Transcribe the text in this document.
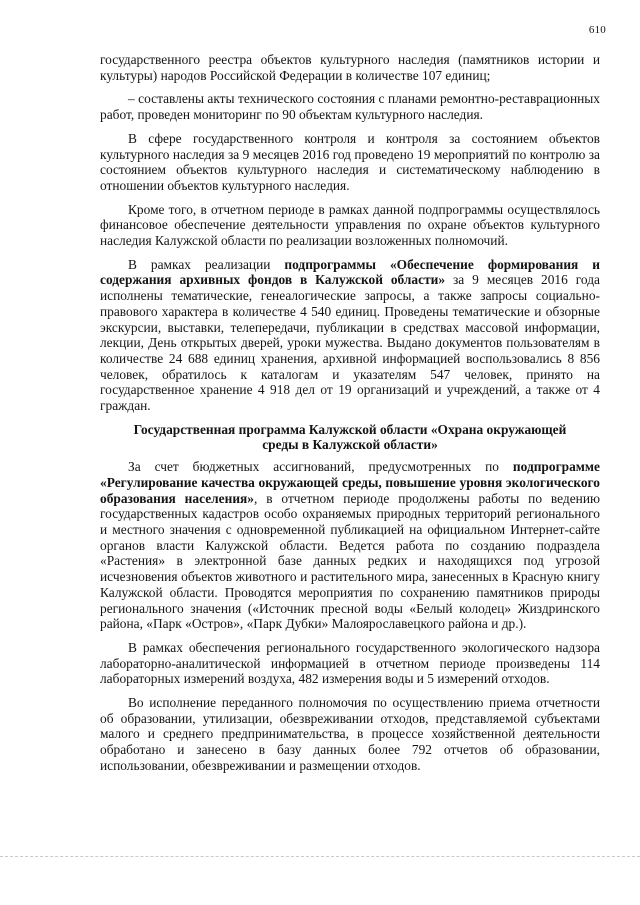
610

государственного реестра объектов культурного наследия (памятников истории и культуры) народов Российской Федерации в количестве 107 единиц;

– составлены акты технического состояния с планами ремонтно-реставрационных работ, проведен мониторинг по 90 объектам культурного наследия.

В сфере государственного контроля и контроля за состоянием объектов культурного наследия за 9 месяцев 2016 год проведено 19 мероприятий по контролю за состоянием объектов культурного наследия и систематическому наблюдению в отношении объектов культурного наследия.

Кроме того, в отчетном периоде в рамках данной подпрограммы осуществлялось финансовое обеспечение деятельности управления по охране объектов культурного наследия Калужской области по реализации возложенных полномочий.

В рамках реализации подпрограммы «Обеспечение формирования и содержания архивных фондов в Калужской области» за 9 месяцев 2016 года исполнены тематические, генеалогические запросы, а также запросы социально-правового характера в количестве 4 540 единиц. Проведены тематические и обзорные экскурсии, выставки, телепередачи, публикации в средствах массовой информации, лекции, День открытых дверей, уроки мужества. Выдано документов пользователям в количестве 24 688 единиц хранения, архивной информацией воспользовались 8 856 человек, обратилось к каталогам и указателям 547 человек, принято на государственное хранение 4 918 дел от 19 организаций и учреждений, а также от 4 граждан.

Государственная программа Калужской области «Охрана окружающей среды в Калужской области»

За счет бюджетных ассигнований, предусмотренных по подпрограмме «Регулирование качества окружающей среды, повышение уровня экологического образования населения», в отчетном периоде продолжены работы по ведению государственных кадастров особо охраняемых природных территорий регионального и местного значения с одновременной публикацией на официальном Интернет-сайте органов власти Калужской области. Ведется работа по созданию подраздела «Растения» в электронной базе данных редких и находящихся под угрозой исчезновения объектов животного и растительного мира, занесенных в Красную книгу Калужской области. Проводятся мероприятия по сохранению памятников природы регионального значения («Источник пресной воды «Белый колодец» Жиздринского района, «Парк «Остров», «Парк Дубки» Малоярославецкого района и др.).

В рамках обеспечения регионального государственного экологического надзора лабораторно-аналитической информацией в отчетном периоде произведены 114 лабораторных измерений воздуха, 482 измерения воды и 5 измерений отходов.

Во исполнение переданного полномочия по осуществлению приема отчетности об образовании, утилизации, обезвреживании отходов, представляемой субъектами малого и среднего предпринимательства, в процессе хозяйственной деятельности обработано и занесено в базу данных более 792 отчетов об образовании, использовании, обезвреживании и размещении отходов.
